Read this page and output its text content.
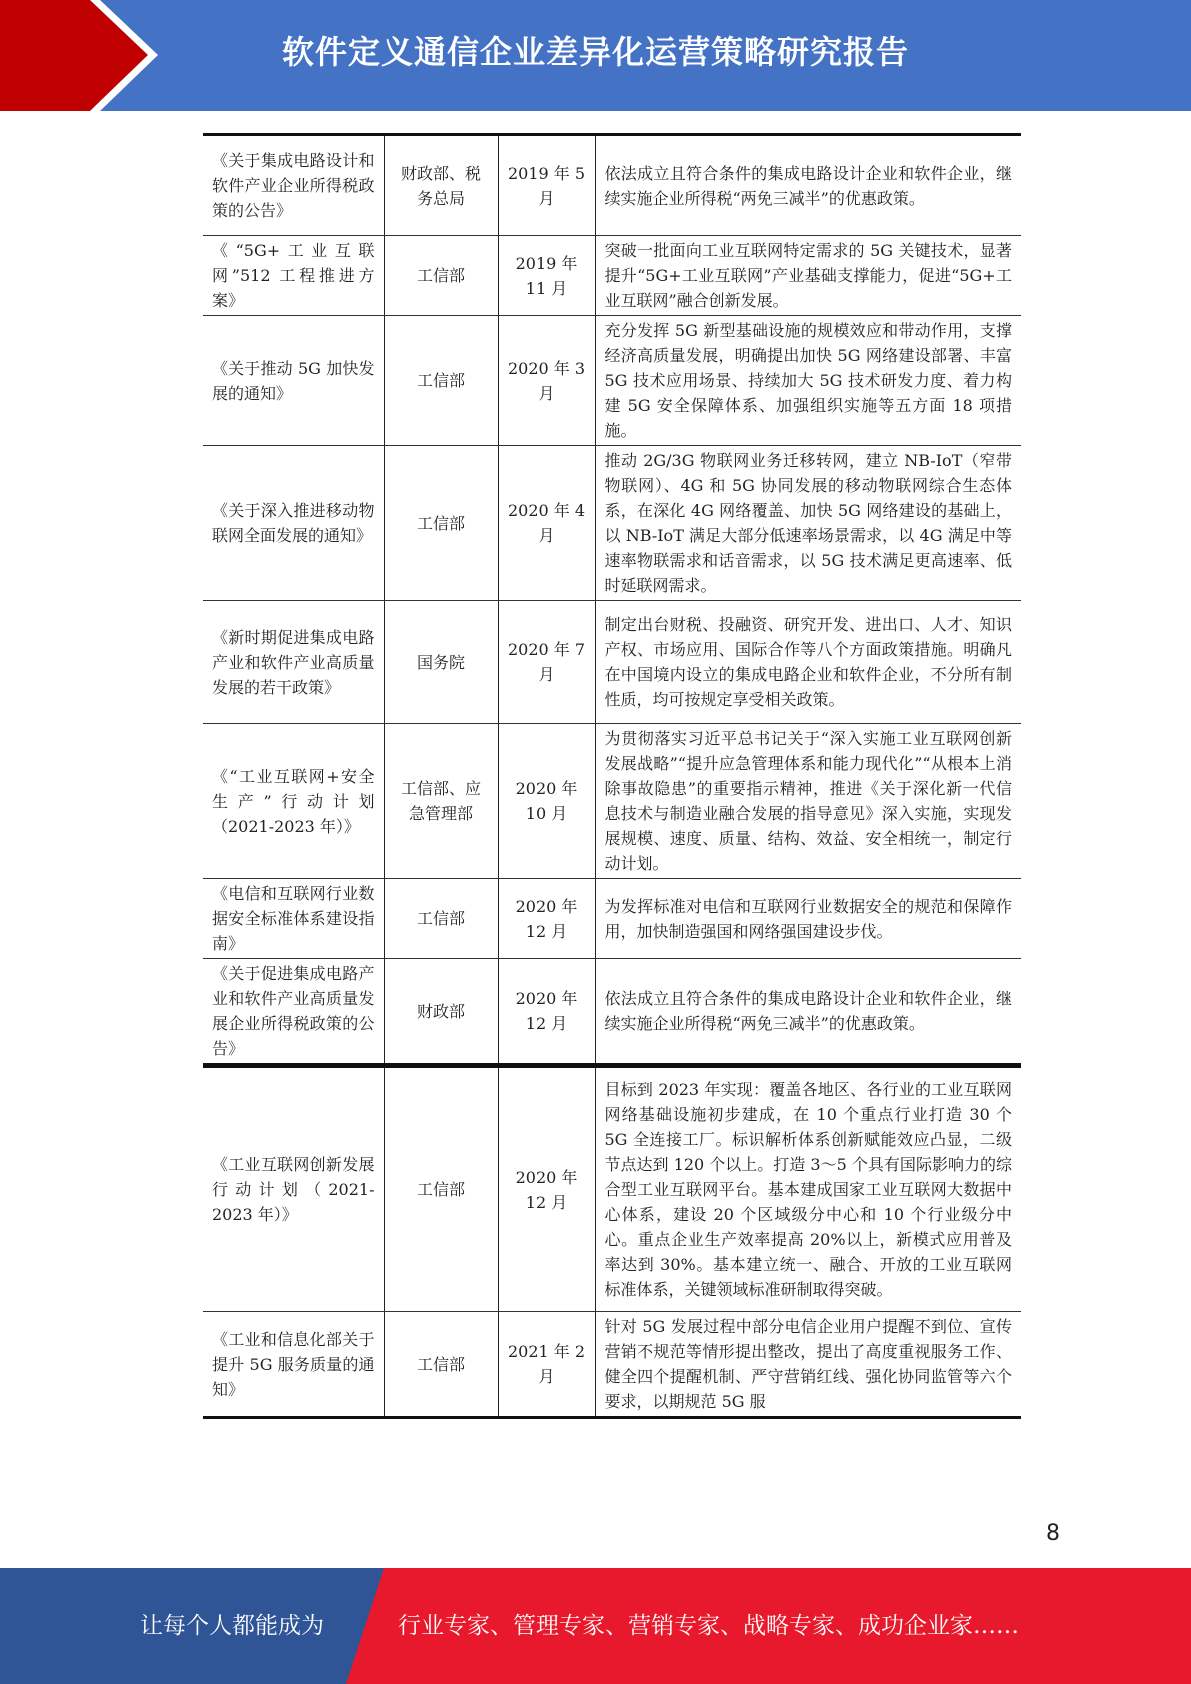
软件定义通信企业差异化运营策略研究报告
《关于集成电路设计和软件产业企业所得税政策的公告》	财政部、税务总局	2019 年 5 月	依法成立且符合条件的集成电路设计企业和软件企业，继续实施企业所得税“两免三减半”的优惠政策。
《“5G+工业互联网”512 工程推进方案》	工信部	2019 年 11 月	突破一批面向工业互联网特定需求的 5G 关键技术，显著提升“5G+工业互联网”产业基础支撑能力，促进“5G+工业互联网”融合创新发展。
《关于推动 5G 加快发展的通知》	工信部	2020 年 3 月	充分发挥 5G 新型基础设施的规模效应和带动作用，支撑经济高质量发展，明确提出加快 5G 网络建设部署、丰富 5G 技术应用场景、持续加大 5G 技术研发力度、着力构建 5G 安全保障体系、加强组织实施等五方面 18 项措施。
《关于深入推进移动物联网全面发展的通知》	工信部	2020 年 4 月	推动 2G/3G 物联网业务迁移转网，建立 NB-IoT（窄带物联网）、4G 和 5G 协同发展的移动物联网综合生态体系，在深化 4G 网络覆盖、加快 5G 网络建设的基础上，以 NB-IoT 满足大部分低速率场景需求，以 4G 满足中等速率物联需求和话音需求，以 5G 技术满足更高速率、低时延联网需求。
《新时期促进集成电路产业和软件产业高质量发展的若干政策》	国务院	2020 年 7 月	制定出台财税、投融资、研究开发、进出口、人才、知识产权、市场应用、国际合作等八个方面政策措施。明确凡在中国境内设立的集成电路企业和软件企业，不分所有制性质，均可按规定享受相关政策。
《“工业互联网+安全生产”行动计划（2021-2023 年）》	工信部、应急管理部	2020 年 10 月	为贯彻落实习近平总书记关于“深入实施工业互联网创新发展战略”“提升应急管理体系和能力现代化”“从根本上消除事故隐患”的重要指示精神，推进《关于深化新一代信息技术与制造业融合发展的指导意见》深入实施，实现发展规模、速度、质量、结构、效益、安全相统一，制定行动计划。
《电信和互联网行业数据安全标准体系建设指南》	工信部	2020 年 12 月	为发挥标准对电信和互联网行业数据安全的规范和保障作用，加快制造强国和网络强国建设步伐。
《关于促进集成电路产业和软件产业高质量发展企业所得税政策的公告》	财政部	2020 年 12 月	依法成立且符合条件的集成电路设计企业和软件企业，继续实施企业所得税“两免三减半”的优惠政策。
《工业互联网创新发展行动计划（2021-2023 年）》	工信部	2020 年 12 月	目标到 2023 年实现：覆盖各地区、各行业的工业互联网网络基础设施初步建成，在 10 个重点行业打造 30 个 5G 全连接工厂。标识解析体系创新赋能效应凸显，二级节点达到 120 个以上。打造 3～5 个具有国际影响力的综合型工业互联网平台。基本建成国家工业互联网大数据中心体系，建设 20 个区域级分中心和 10 个行业级分中心。重点企业生产效率提高 20%以上，新模式应用普及率达到 30%。基本建立统一、融合、开放的工业互联网标准体系，关键领域标准研制取得突破。
《工业和信息化部关于提升 5G 服务质量的通知》	工信部	2021 年 2 月	针对 5G 发展过程中部分电信企业用户提醒不到位、宣传营销不规范等情形提出整改，提出了高度重视服务工作、健全四个提醒机制、严守营销红线、强化协同监管等六个要求，以期规范 5G 服
8
让每个人都能成为	行业专家、管理专家、营销专家、战略专家、成功企业家……
